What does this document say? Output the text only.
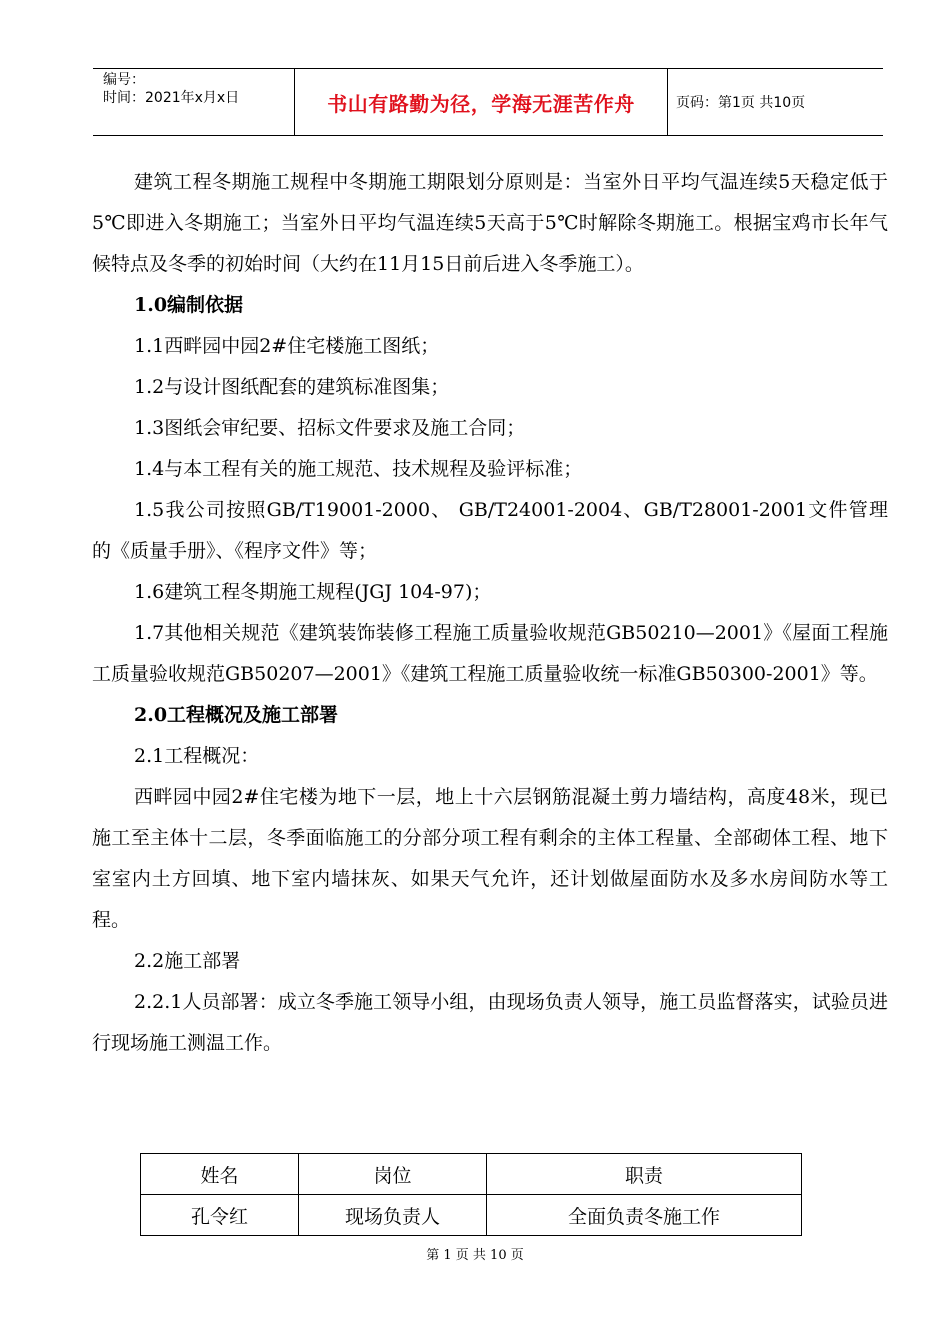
编号：
时间：2021年x月x日	书山有路勤为径，学海无涯苦作舟	页码：第1页 共10页

建筑工程冬期施工规程中冬期施工期限划分原则是：当室外日平均气温连续5天稳定低于5℃即进入冬期施工；当室外日平均气温连续5天高于5℃时解除冬期施工。根据宝鸡市长年气候特点及冬季的初始时间（大约在11月15日前后进入冬季施工）。

1.0编制依据

1.1西畔园中园2#住宅楼施工图纸；

1.2与设计图纸配套的建筑标准图集；

1.3图纸会审纪要、招标文件要求及施工合同；

1.4与本工程有关的施工规范、技术规程及验评标准；

1.5我公司按照GB/T19001-2000、 GB/T24001-2004、GB/T28001-2001文件管理的《质量手册》、《程序文件》等；

1.6建筑工程冬期施工规程(JGJ 104-97)；

1.7其他相关规范《建筑装饰装修工程施工质量验收规范GB50210—2001》《屋面工程施工质量验收规范GB50207—2001》《建筑工程施工质量验收统一标准GB50300-2001》等。

2.0工程概况及施工部署

2.1工程概况：

西畔园中园2#住宅楼为地下一层，地上十六层钢筋混凝土剪力墙结构，高度48米，现已施工至主体十二层，冬季面临施工的分部分项工程有剩余的主体工程量、全部砌体工程、地下室室内土方回填、地下室内墙抹灰、如果天气允许，还计划做屋面防水及多水房间防水等工程。

2.2施工部署

2.2.1人员部署：成立冬季施工领导小组，由现场负责人领导，施工员监督落实，试验员进行现场施工测温工作。

姓名	岗位	职责
孔令红	现场负责人	全面负责冬施工作
第 1 页 共 10 页
